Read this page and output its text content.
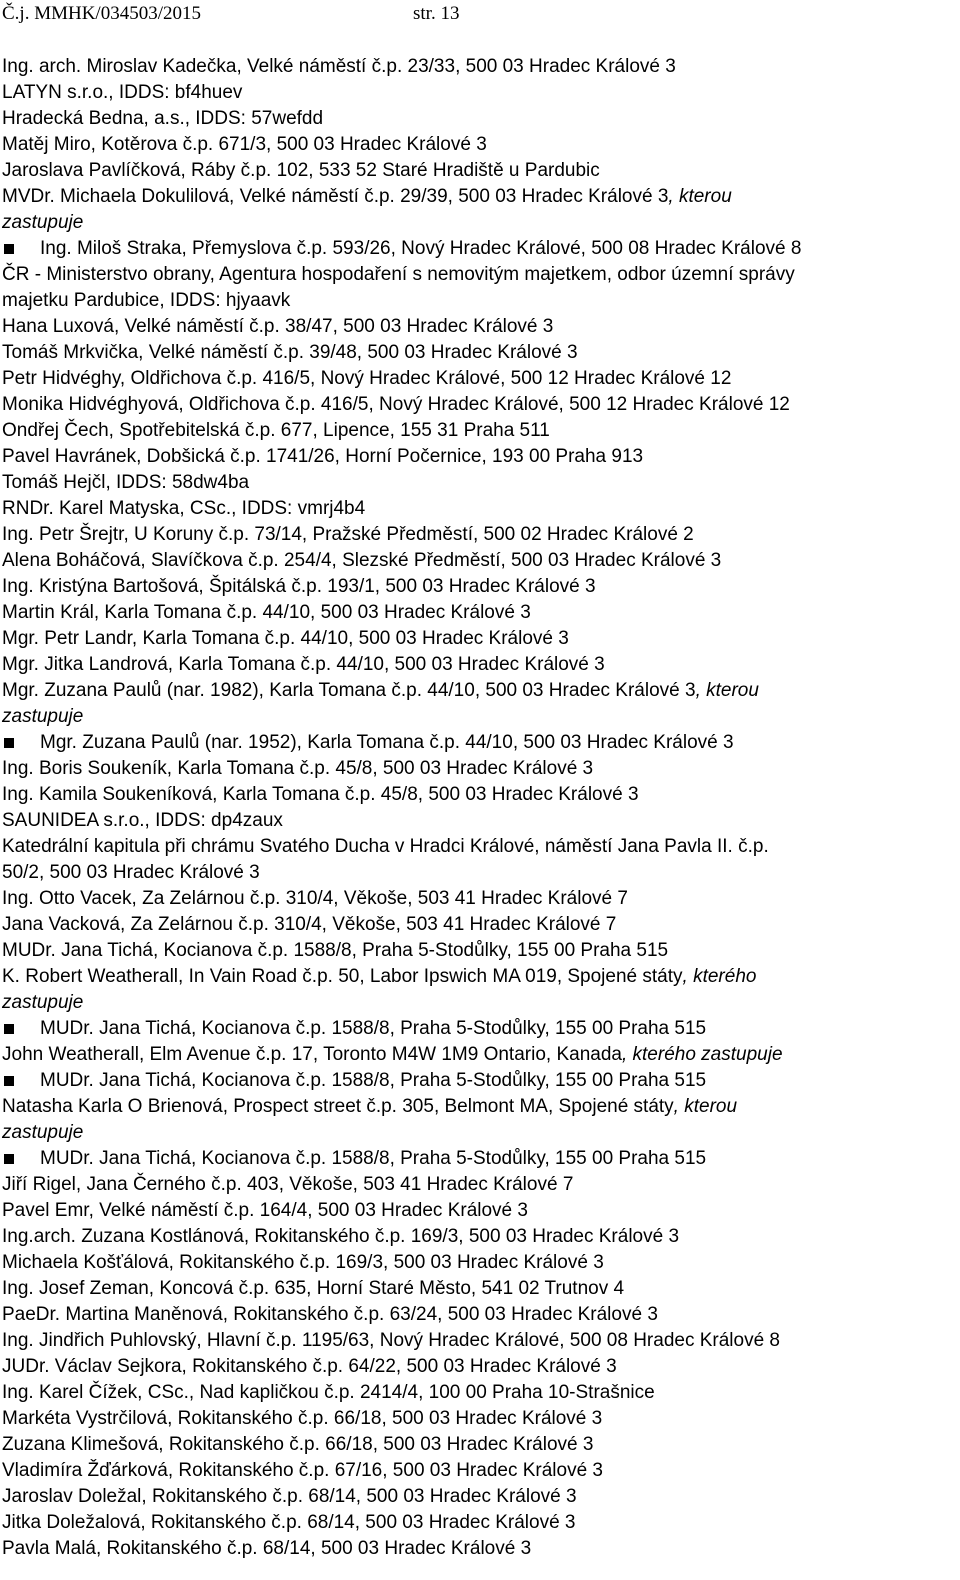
Č.j. MMHK/034503/2015	str. 13
Ing. arch. Miroslav Kadečka, Velké náměstí č.p. 23/33, 500 03 Hradec Králové 3
LATYN s.r.o., IDDS: bf4huev
Hradecká Bedna, a.s., IDDS: 57wefdd
Matěj Miro, Kotěrova č.p. 671/3, 500 03 Hradec Králové 3
Jaroslava Pavlíčková, Ráby č.p. 102, 533 52 Staré Hradiště u Pardubic
MVDr. Michaela Dokulilová, Velké náměstí č.p. 29/39, 500 03 Hradec Králové 3, kterou
zastupuje
Ing. Miloš Straka, Přemyslova č.p. 593/26, Nový Hradec Králové, 500 08 Hradec Králové 8
ČR - Ministerstvo obrany, Agentura hospodaření s nemovitým majetkem, odbor územní správy
majetku Pardubice, IDDS: hjyaavk
Hana Luxová, Velké náměstí č.p. 38/47, 500 03 Hradec Králové 3
Tomáš Mrkvička, Velké náměstí č.p. 39/48, 500 03 Hradec Králové 3
Petr Hidvéghy, Oldřichova č.p. 416/5, Nový Hradec Králové, 500 12 Hradec Králové 12
Monika Hidvéghyová, Oldřichova č.p. 416/5, Nový Hradec Králové, 500 12 Hradec Králové 12
Ondřej Čech, Spotřebitelská č.p. 677, Lipence, 155 31 Praha 511
Pavel Havránek, Dobšická č.p. 1741/26, Horní Počernice, 193 00 Praha 913
Tomáš Hejčl, IDDS: 58dw4ba
RNDr. Karel Matyska, CSc., IDDS: vmrj4b4
Ing. Petr Šrejtr, U Koruny č.p. 73/14, Pražské Předměstí, 500 02 Hradec Králové 2
Alena Boháčová, Slavíčkova č.p. 254/4, Slezské Předměstí, 500 03 Hradec Králové 3
Ing. Kristýna Bartošová, Špitálská č.p. 193/1, 500 03 Hradec Králové 3
Martin Král, Karla Tomana č.p. 44/10, 500 03 Hradec Králové 3
Mgr. Petr Landr, Karla Tomana č.p. 44/10, 500 03 Hradec Králové 3
Mgr. Jitka Landrová, Karla Tomana č.p. 44/10, 500 03 Hradec Králové 3
Mgr. Zuzana Paulů (nar. 1982), Karla Tomana č.p. 44/10, 500 03 Hradec Králové 3, kterou
zastupuje
Mgr. Zuzana Paulů (nar. 1952), Karla Tomana č.p. 44/10, 500 03 Hradec Králové 3
Ing. Boris Soukeník, Karla Tomana č.p. 45/8, 500 03 Hradec Králové 3
Ing. Kamila Soukeníková, Karla Tomana č.p. 45/8, 500 03 Hradec Králové 3
SAUNIDEA s.r.o., IDDS: dp4zaux
Katedrální kapitula při chrámu Svatého Ducha v Hradci Králové, náměstí Jana Pavla II. č.p.
50/2, 500 03 Hradec Králové 3
Ing. Otto Vacek, Za Zelárnou č.p. 310/4, Věkoše, 503 41 Hradec Králové 7
Jana Vacková, Za Zelárnou č.p. 310/4, Věkoše, 503 41 Hradec Králové 7
MUDr. Jana Tichá, Kocianova č.p. 1588/8, Praha 5-Stodůlky, 155 00 Praha 515
K. Robert Weatherall, In Vain Road č.p. 50, Labor Ipswich MA 019, Spojené státy, kterého
zastupuje
MUDr. Jana Tichá, Kocianova č.p. 1588/8, Praha 5-Stodůlky, 155 00 Praha 515
John Weatherall, Elm Avenue č.p. 17, Toronto M4W 1M9 Ontario, Kanada, kterého zastupuje
MUDr. Jana Tichá, Kocianova č.p. 1588/8, Praha 5-Stodůlky, 155 00 Praha 515
Natasha Karla O Brienová, Prospect street č.p. 305, Belmont MA, Spojené státy, kterou
zastupuje
MUDr. Jana Tichá, Kocianova č.p. 1588/8, Praha 5-Stodůlky, 155 00 Praha 515
Jiří Rigel, Jana Černého č.p. 403, Věkoše, 503 41 Hradec Králové 7
Pavel Emr, Velké náměstí č.p. 164/4, 500 03 Hradec Králové 3
Ing.arch. Zuzana Kostlánová, Rokitanského č.p. 169/3, 500 03 Hradec Králové 3
Michaela Košťálová, Rokitanského č.p. 169/3, 500 03 Hradec Králové 3
Ing. Josef Zeman, Koncová č.p. 635, Horní Staré Město, 541 02 Trutnov 4
PaeDr. Martina Maněnová, Rokitanského č.p. 63/24, 500 03 Hradec Králové 3
Ing. Jindřich Puhlovský, Hlavní č.p. 1195/63, Nový Hradec Králové, 500 08 Hradec Králové 8
JUDr. Václav Sejkora, Rokitanského č.p. 64/22, 500 03 Hradec Králové 3
Ing. Karel Čížek, CSc., Nad kapličkou č.p. 2414/4, 100 00 Praha 10-Strašnice
Markéta Vystrčilová, Rokitanského č.p. 66/18, 500 03 Hradec Králové 3
Zuzana Klimešová, Rokitanského č.p. 66/18, 500 03 Hradec Králové 3
Vladimíra Žďárková, Rokitanského č.p. 67/16, 500 03 Hradec Králové 3
Jaroslav Doležal, Rokitanského č.p. 68/14, 500 03 Hradec Králové 3
Jitka Doležalová, Rokitanského č.p. 68/14, 500 03 Hradec Králové 3
Pavla Malá, Rokitanského č.p. 68/14, 500 03 Hradec Králové 3
